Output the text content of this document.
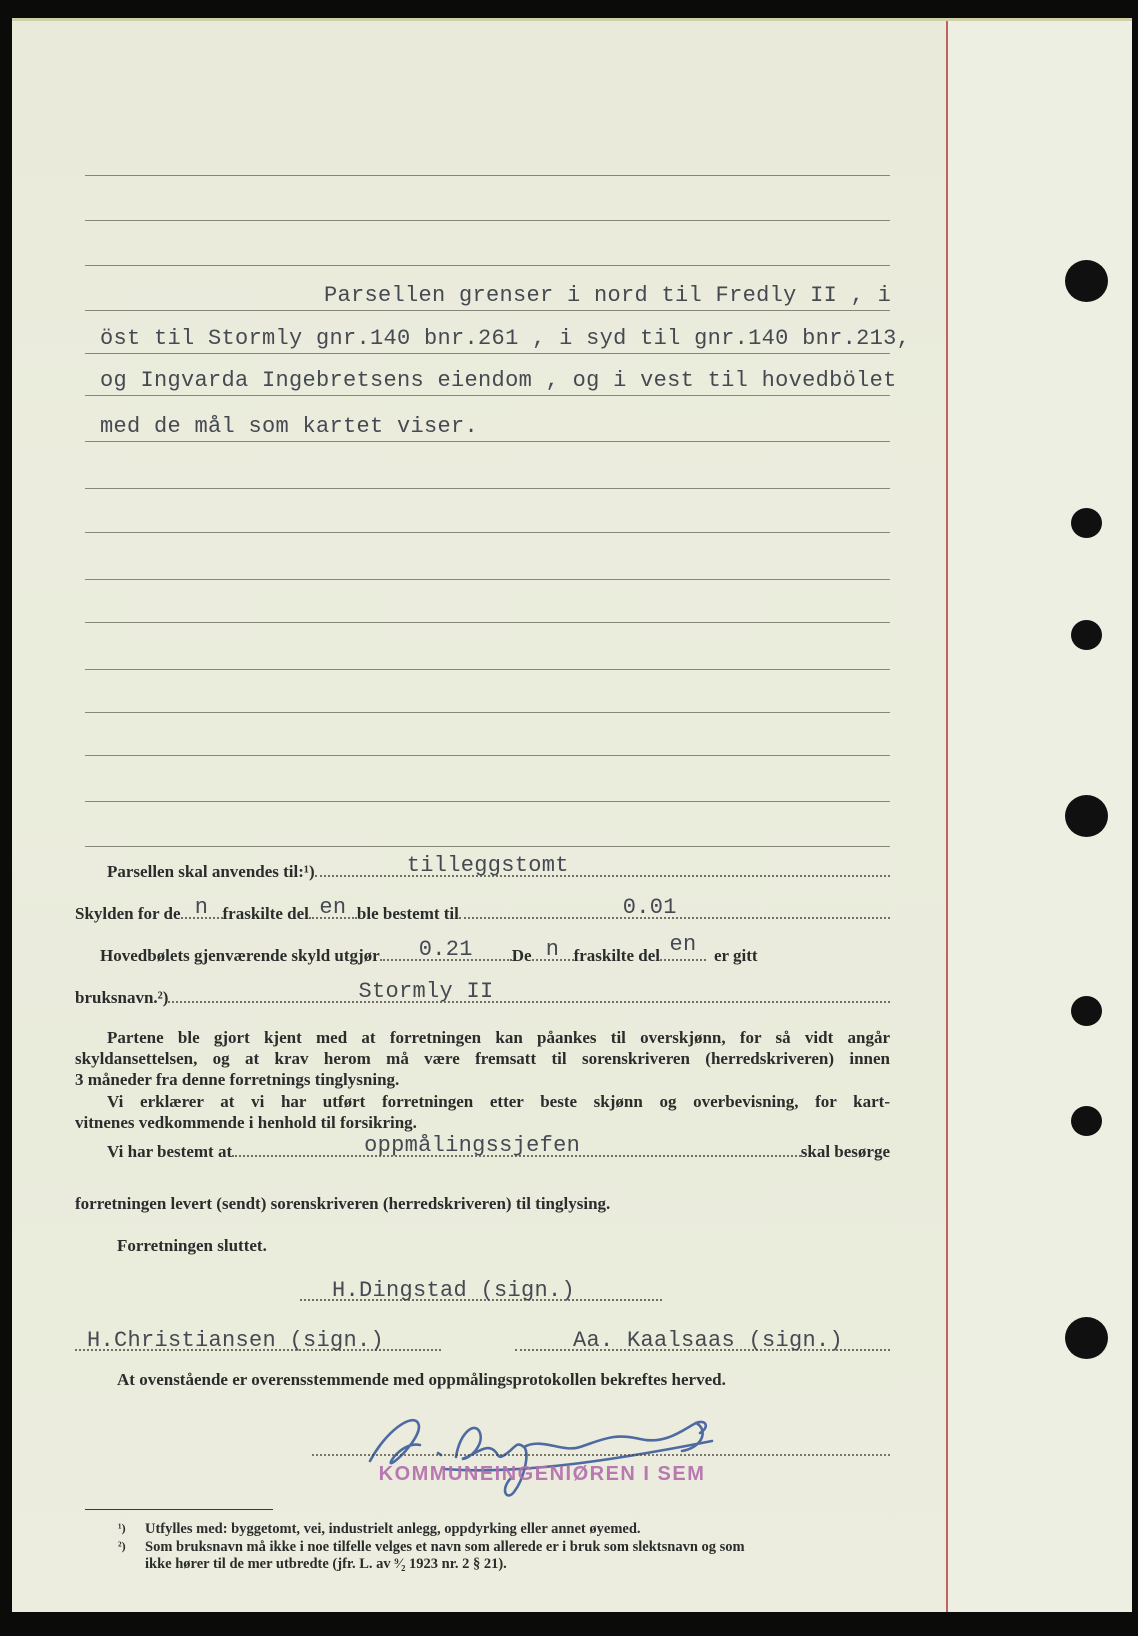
Parsellen grenser i nord til Fredly II , i
öst til Stormly gnr.140 bnr.261 , i syd til gnr.140 bnr.213,
og Ingvarda Ingebretsens eiendom , og i vest til hovedbölet
med de mål som kartet viser.
Parsellen skal anvendes til:¹)	tilleggstomt
Skylden for de n fraskilte del en ble bestemt til	0.01
Hovedbølets gjenværende skyld utgjør 0.21 De n fraskilte del en	er gitt
bruksnavn.²)	Stormly II
Partene ble gjort kjent med at forretningen kan påankes til overskjønn, for så vidt angår
skyldansettelsen, og at krav herom må være fremsatt til sorenskriveren (herredskriveren) innen
3 måneder fra denne forretnings tinglysning.
Vi erklærer at vi har utført forretningen etter beste skjønn og overbevisning, for kart-
vitnenes vedkommende i henhold til forsikring.
Vi har bestemt at	oppmålingssjefen	skal besørge
forretningen levert (sendt) sorenskriveren (herredskriveren) til tinglysing.
Forretningen sluttet.
H.Dingstad (sign.)
H.Christiansen (sign.)	Aa. Kaalsaas (sign.)
At ovenstående er overensstemmende med oppmålingsprotokollen bekreftes herved.
KOMMUNEINGENIØREN I SEM
¹) Utfylles med: byggetomt, vei, industrielt anlegg, oppdyrking eller annet øyemed.
²) Som bruksnavn må ikke i noe tilfelle velges et navn som allerede er i bruk som slektsnavn og som
ikke hører til de mer utbredte (jfr. L. av ⁹⁄₂ 1923 nr. 2 § 21).
